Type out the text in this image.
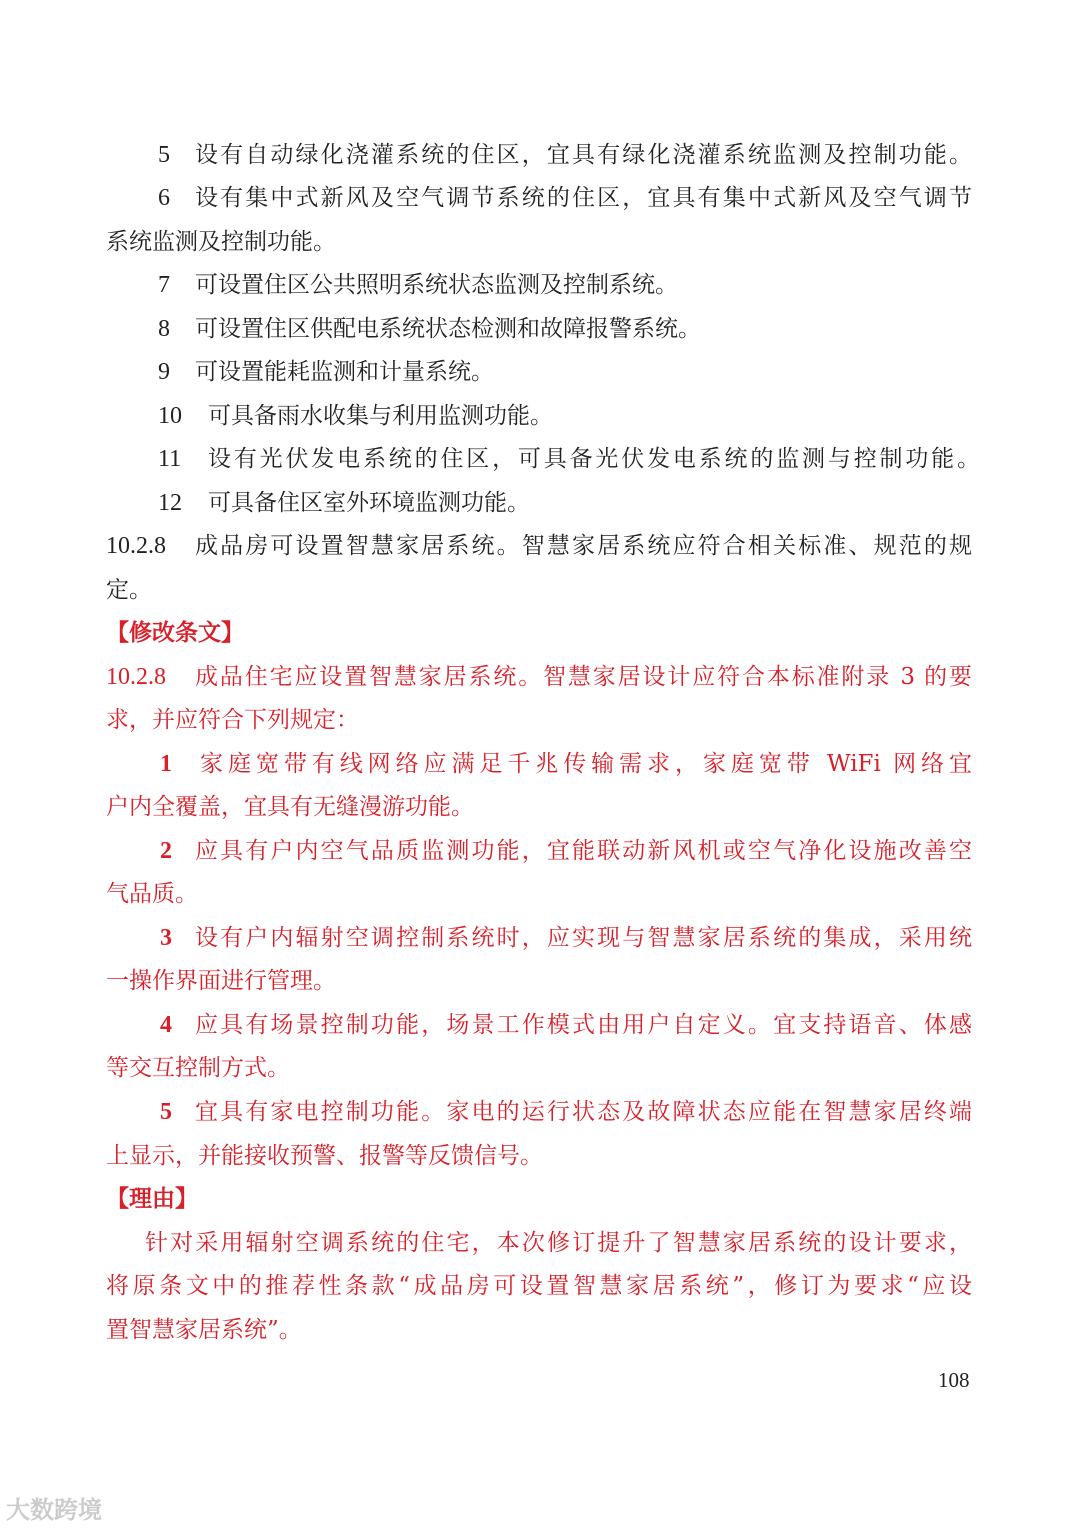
5 设有自动绿化浇灌系统的住区，宜具有绿化浇灌系统监测及控制功能。
6 设有集中式新风及空气调节系统的住区，宜具有集中式新风及空气调节
系统监测及控制功能。
7 可设置住区公共照明系统状态监测及控制系统。
8 可设置住区供配电系统状态检测和故障报警系统。
9 可设置能耗监测和计量系统。
10 可具备雨水收集与利用监测功能。
11 设有光伏发电系统的住区，可具备光伏发电系统的监测与控制功能。
12 可具备住区室外环境监测功能。
10.2.8 成品房可设置智慧家居系统。智慧家居系统应符合相关标准、规范的规
定。
【修改条文】
10.2.8 成品住宅应设置智慧家居系统。智慧家居设计应符合本标准附录 3 的要
求，并应符合下列规定：
1 家庭宽带有线网络应满足千兆传输需求，家庭宽带 WiFi 网络宜
户内全覆盖，宜具有无缝漫游功能。
2 应具有户内空气品质监测功能，宜能联动新风机或空气净化设施改善空
气品质。
3 设有户内辐射空调控制系统时，应实现与智慧家居系统的集成，采用统
一操作界面进行管理。
4 应具有场景控制功能，场景工作模式由用户自定义。宜支持语音、体感
等交互控制方式。
5 宜具有家电控制功能。家电的运行状态及故障状态应能在智慧家居终端
上显示，并能接收预警、报警等反馈信号。
【理由】
针对采用辐射空调系统的住宅，本次修订提升了智慧家居系统的设计要求，
将原条文中的推荐性条款“成品房可设置智慧家居系统”，修订为要求“应设
置智慧家居系统”。
108
大数跨境
